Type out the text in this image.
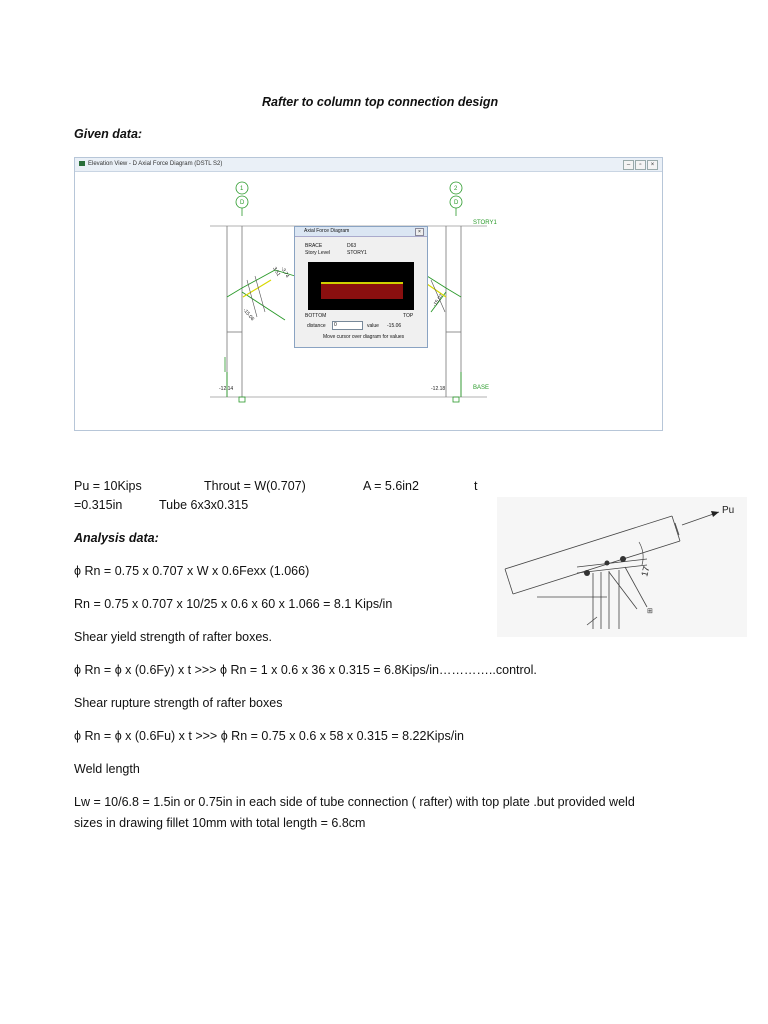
Rafter to column top connection design
Given data:
Elevation View - D Axial Force Diagram (DSTL S2)	–	▫	×
1
D
2
D
STORY1
BASE
3.51
-3.74
-15.06
-15.07
-12.14	-12.18
Axial Force Diagram	×
BRACE	D63
Story Level	STORY1
BOTTOM	TOP
distance	0	value -15.06
Move cursor over diagram for values
Pu = 10Kips	Throut = W(0.707)	A = 5.6in2	t
=0.315in	Tube 6x3x0.315	Pu
17
⊞
Analysis data:
ϕ Rn = 0.75 x 0.707 x W x 0.6Fexx (1.066)
Rn = 0.75 x 0.707 x 10/25 x 0.6 x 60 x 1.066 = 8.1 Kips/in
Shear yield strength of rafter boxes.
ϕ Rn = ϕ x (0.6Fy) x t >>> ϕ Rn = 1 x 0.6 x 36 x 0.315 = 6.8Kips/in…………..control.
Shear rupture strength of rafter boxes
ϕ Rn = ϕ x (0.6Fu) x t >>> ϕ Rn = 0.75 x 0.6 x 58 x 0.315 = 8.22Kips/in
Weld length
Lw = 10/6.8 = 1.5in or 0.75in in each side of tube connection ( rafter) with top plate .but provided weld
sizes in drawing fillet 10mm with total length = 6.8cm
